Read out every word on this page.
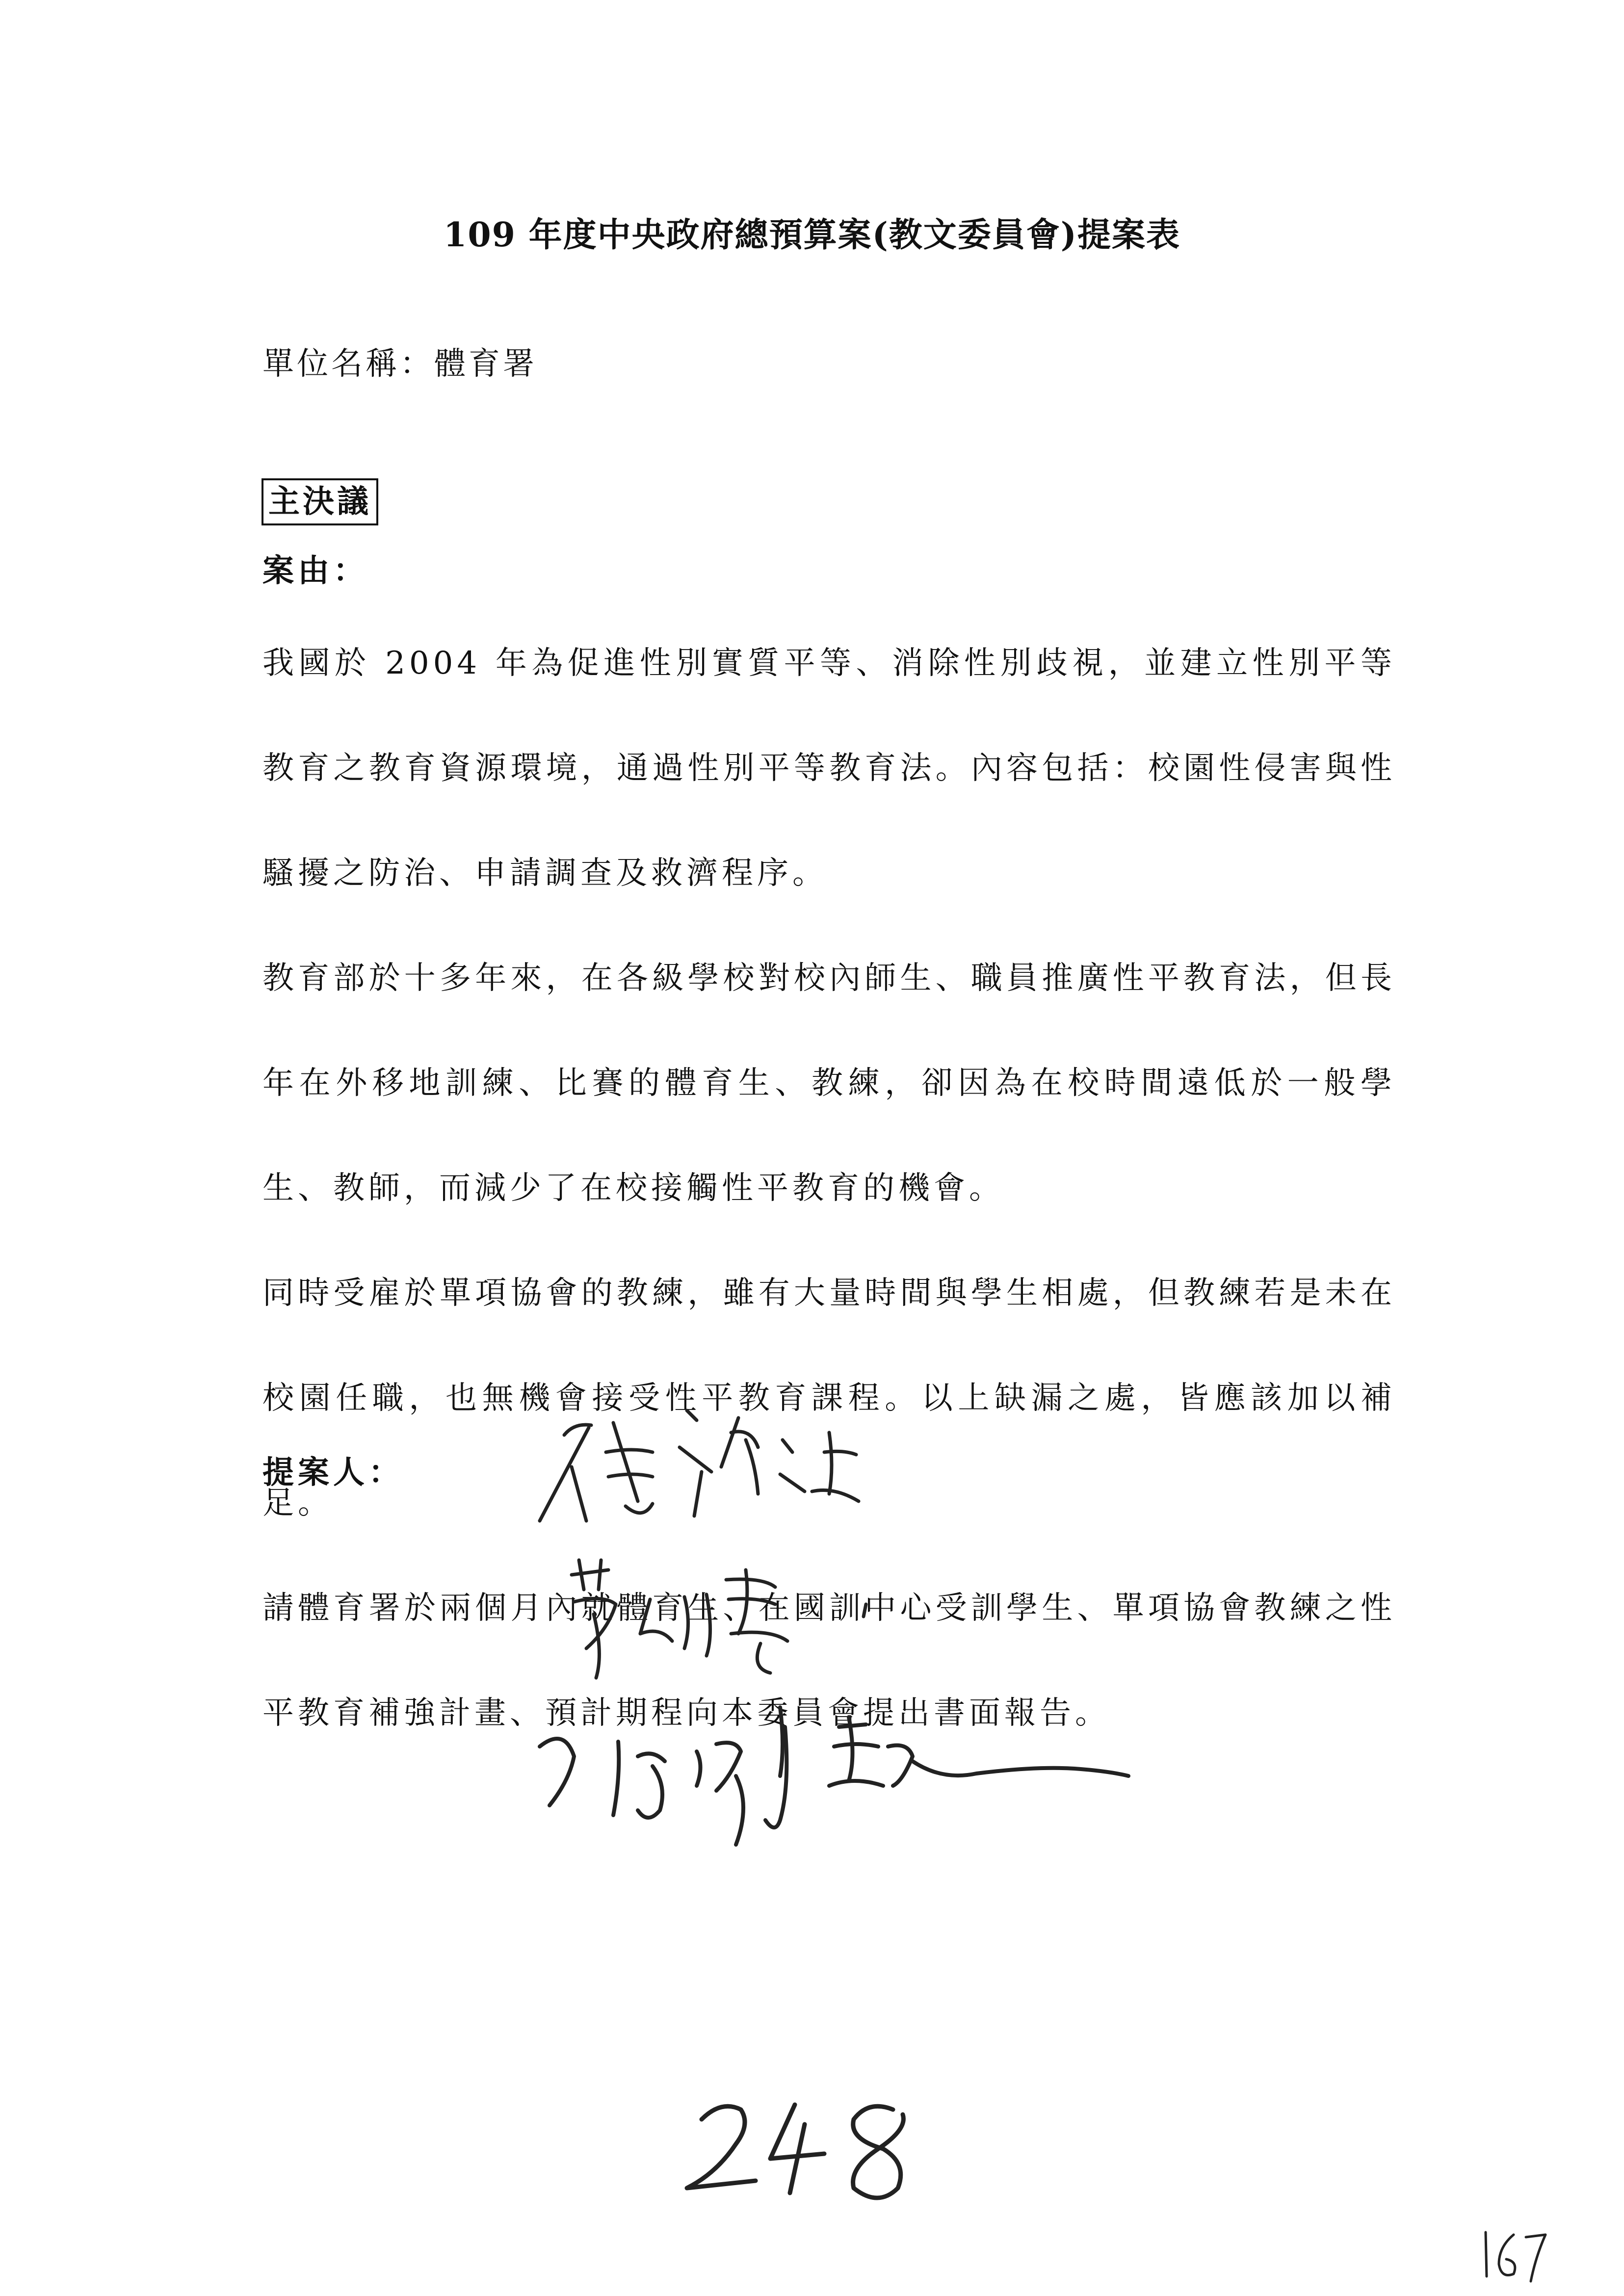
109 年度中央政府總預算案(教文委員會)提案表
單位名稱：體育署
主決議
案由：

我國於 2004 年為促進性別實質平等、消除性別歧視，並建立性別平等教育之教育資源環境，通過性別平等教育法。內容包括：校園性侵害與性騷擾之防治、申請調查及救濟程序。

教育部於十多年來，在各級學校對校內師生、職員推廣性平教育法，但長年在外移地訓練、比賽的體育生、教練，卻因為在校時間遠低於一般學生、教師，而減少了在校接觸性平教育的機會。

同時受雇於單項協會的教練，雖有大量時間與學生相處，但教練若是未在校園任職，也無機會接受性平教育課程。以上缺漏之處，皆應該加以補足。

請體育署於兩個月內就體育生、在國訓中心受訓學生、單項協會教練之性平教育補強計畫、預計期程向本委員會提出書面報告。

提案人：
